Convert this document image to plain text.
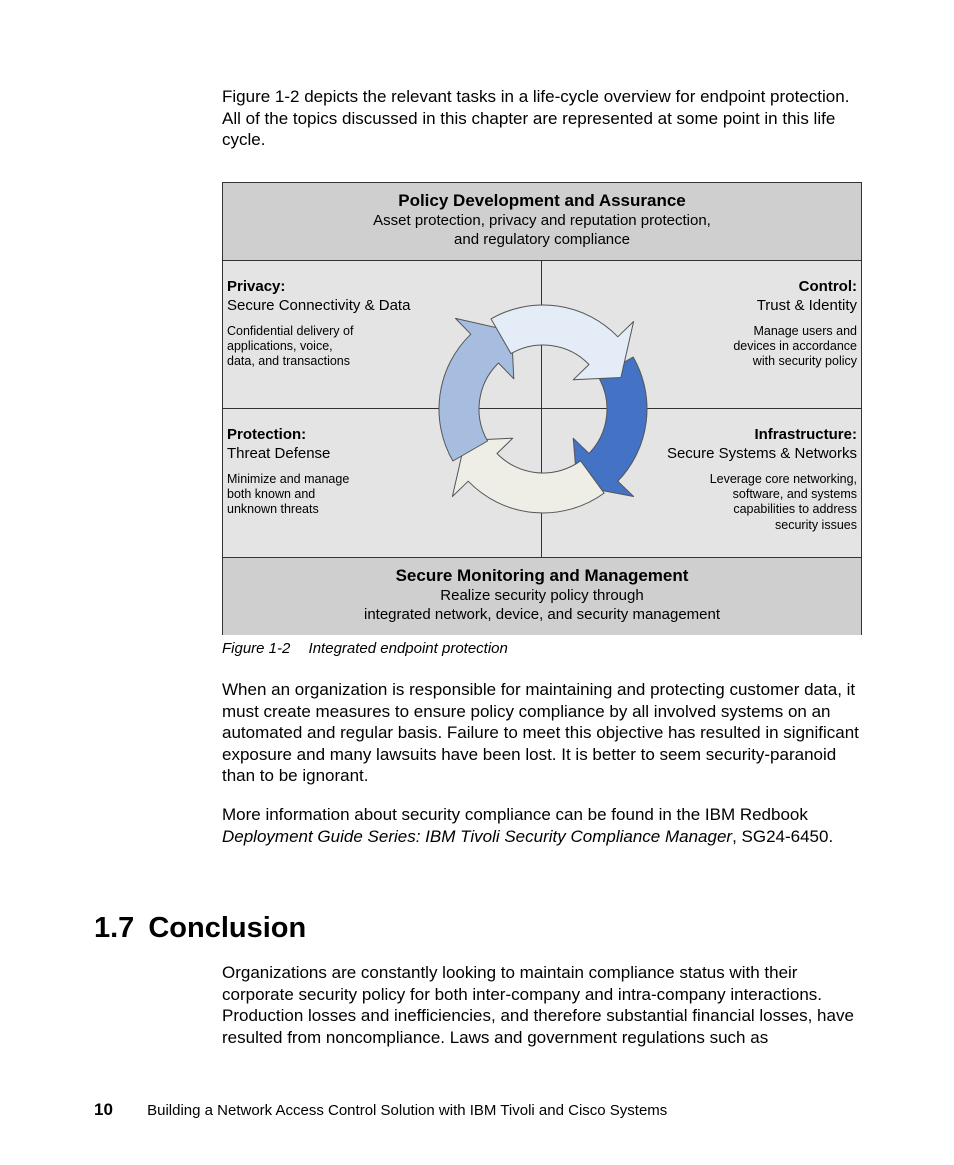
Figure 1-2 depicts the relevant tasks in a life-cycle overview for endpoint protection. All of the topics discussed in this chapter are represented at some point in this life cycle.

Policy Development and Assurance
Asset protection, privacy and reputation protection,
and regulatory compliance
Privacy:
Secure Connectivity & Data
Confidential delivery of
applications, voice,
data, and transactions
Control:
Trust & Identity
Manage users and
devices in accordance
with security policy
Protection:
Threat Defense
Minimize and manage
both known and
unknown threats
Infrastructure:
Secure Systems & Networks
Leverage core networking,
software, and systems
capabilities to address
security issues
Secure Monitoring and Management
Realize security policy through
integrated network, device, and security management
Figure 1-2 Integrated endpoint protection

When an organization is responsible for maintaining and protecting customer data, it must create measures to ensure policy compliance by all involved systems on an automated and regular basis. Failure to meet this objective has resulted in significant exposure and many lawsuits have been lost. It is better to seem security-paranoid than to be ignorant.

More information about security compliance can be found in the IBM Redbook Deployment Guide Series: IBM Tivoli Security Compliance Manager, SG24-6450.

1.7 Conclusion

Organizations are constantly looking to maintain compliance status with their corporate security policy for both inter-company and intra-company interactions. Production losses and inefficiencies, and therefore substantial financial losses, have resulted from noncompliance. Laws and government regulations such as

10 Building a Network Access Control Solution with IBM Tivoli and Cisco Systems
